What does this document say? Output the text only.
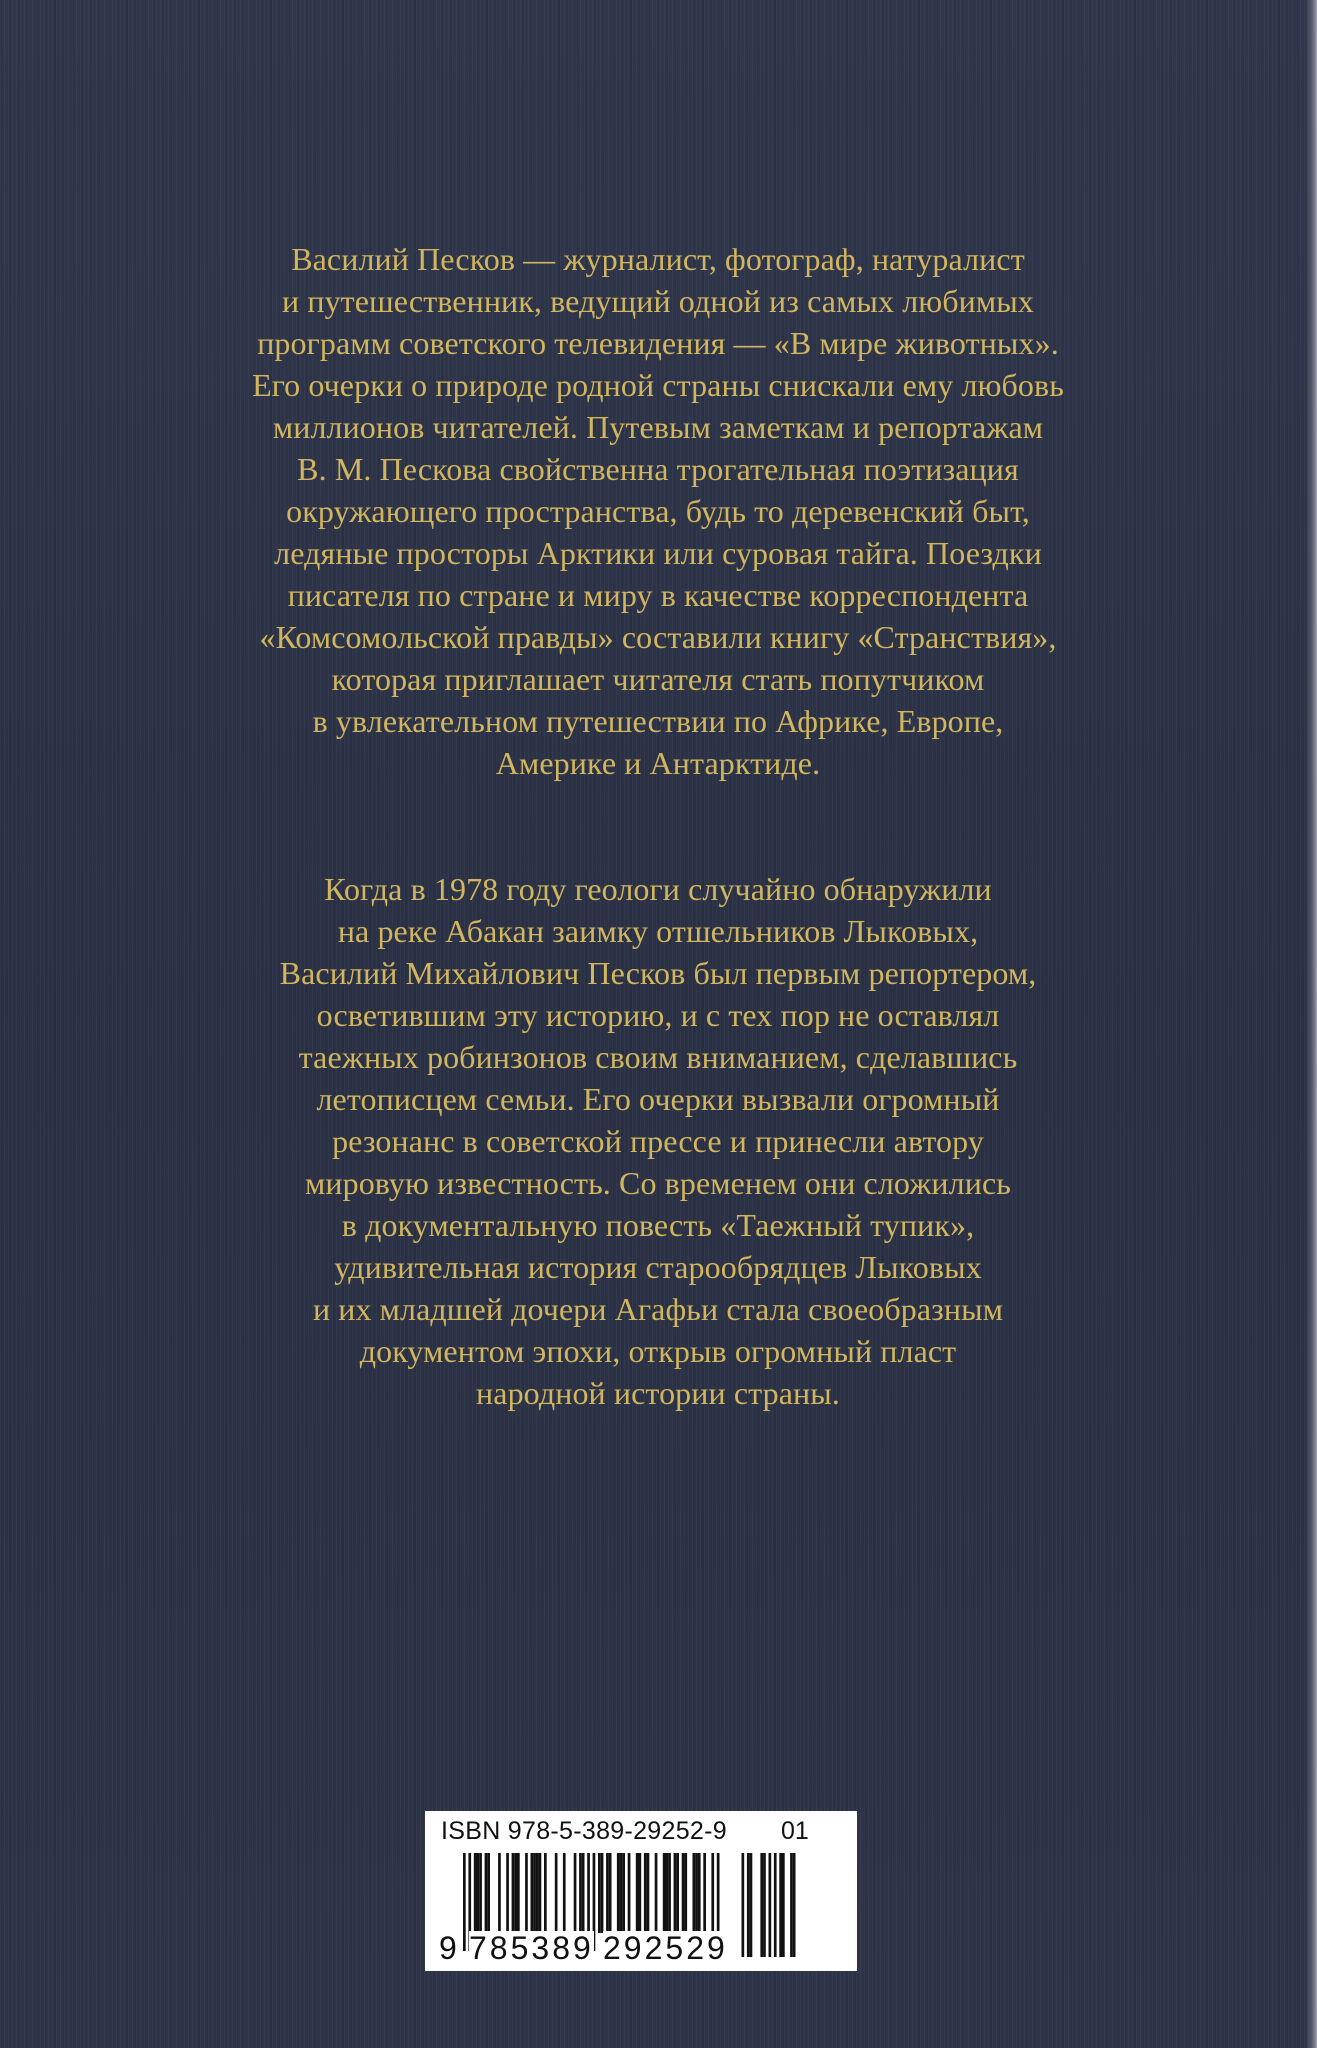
Василий Песков — журналист, фотограф, натуралист
и путешественник, ведущий одной из самых любимых
программ советского телевидения — «В мире животных».
Его очерки о природе родной страны снискали ему любовь
миллионов читателей. Путевым заметкам и репортажам
В. М. Пескова свойственна трогательная поэтизация
окружающего пространства, будь то деревенский быт,
ледяные просторы Арктики или суровая тайга. Поездки
писателя по стране и миру в качестве корреспондента
«Комсомольской правды» составили книгу «Странствия»,
которая приглашает читателя стать попутчиком
в увлекательном путешествии по Африке, Европе,
Америке и Антарктиде.

Когда в 1978 году геологи случайно обнаружили
на реке Абакан заимку отшельников Лыковых,
Василий Михайлович Песков был первым репортером,
осветившим эту историю, и с тех пор не оставлял
таежных робинзонов своим вниманием, сделавшись
летописцем семьи. Его очерки вызвали огромный
резонанс в советской прессе и принесли автору
мировую известность. Со временем они сложились
в документальную повесть «Таежный тупик»,
удивительная история старообрядцев Лыковых
и их младшей дочери Агафьи стала своеобразным
документом эпохи, открыв огромный пласт
народной истории страны.

ISBN 978-5-389-29252-9 01
9 785389 292529
